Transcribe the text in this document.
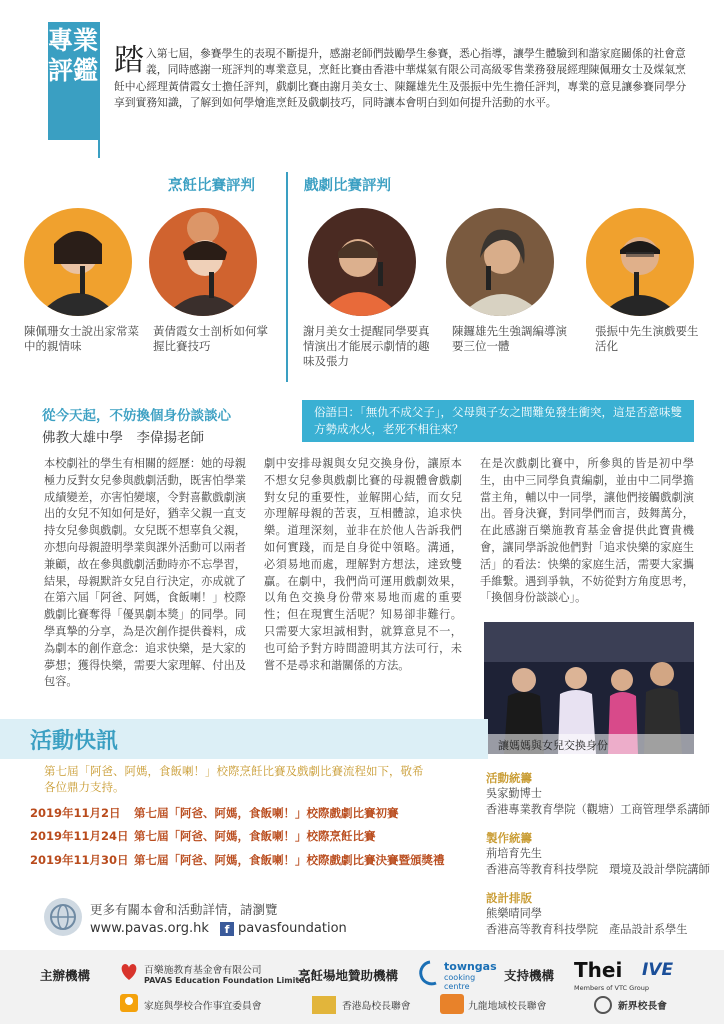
專業評鑑 踏入第七屆，參賽學生的表現不斷提升，感謝老師們鼓勵學生參賽，悉心指導，讓學生體驗到和諧家庭關係的社會意義，同時感謝一班評判的專業意見，烹飪比賽由香港中華煤氣有限公司高級零售業務發展經理陳佩珊女士及煤氣烹飪中心經理黃倩霞女士擔任評判，戲劇比賽由謝月美女士、陳鑼雄先生及張振中先生擔任評判，專業的意見讓參賽同學分享到實務知識，了解到如何學燴進烹飪及戲劇技巧，同時讓本會明白到如何提升活動的水平。
烹飪比賽評判	戲劇比賽評判
陳佩珊女士說出家常菜中的親情味
黃倩霞女士剖析如何掌握比賽技巧
謝月美女士提醒同學要真情演出才能展示劇情的趣味及張力
陳鑼雄先生強調編導演要三位一體
張振中先生演戲要生活化
從今天起，不妨換個身份談談心
佛教大雄中學　李偉揚老師
俗語曰：「無仇不成父子」，父母與子女之間難免發生衝突，這是否意味雙方勢成水火，老死不相往來？
本校劇社的學生有相關的經歷：她的母親極力反對女兒參與戲劇活動，既害怕學業成績變差，亦害怕變壞，令對喜歡戲劇演出的女兒不知如何是好，猶幸父親一直支持女兒參與戲劇。女兒既不想辜負父親，亦想向母親證明學業與課外活動可以兩者兼顧，故在參與戲劇活動時亦不忘學習，結果，母親默許女兒自行決定，亦成就了在第六屆「阿爸、阿媽，食飯喇！」校際戲劇比賽奪得「優異劇本獎」的同學。同學真摯的分享，為是次創作提供養料，成為劇本的創作意念：追求快樂，是大家的夢想；獲得快樂，需要大家理解、付出及包容。
劇中安排母親與女兒交換身份，讓原本不想女兒參與戲劇比賽的母親體會戲劇對女兒的重要性，並解開心結，而女兒亦理解母親的苦衷，互相體諒，追求快樂。道理深刻，並非在於他人告訴我們如何實踐，而是自身從中領略。溝通，必須易地而處，理解對方想法，達致雙贏。在劇中，我們尚可運用戲劇效果，以角色交換身份帶來易地而處的重要性；但在現實生活呢？知易卻非難行。只需要大家坦誠相對，就算意見不一，也可給予對方時間證明其方法可行，未嘗不是尋求和諧關係的方法。
在是次戲劇比賽中，所參與的皆是初中學生，由中三同學負責編劇，並由中二同學擔當主角，輔以中一同學，讓他們接觸戲劇演出。晉身決賽，對同學們而言，鼓舞萬分，在此感謝百樂施教育基金會提供此寶貴機會，讓同學訴說他們對「追求快樂的家庭生活」的看法：快樂的家庭生活，需要大家攜手維繫。遇到爭執，不妨從對方角度思考，「換個身份談談心」。
讓媽媽與女兒交換身份
活動快訊
第七屆「阿爸、阿媽，食飯喇！」校際烹飪比賽及戲劇比賽流程如下，敬希各位鼎力支持。
2019年11月2日 第七屆「阿爸、阿媽，食飯喇！」校際戲劇比賽初賽
2019年11月24日 第七屆「阿爸、阿媽，食飯喇！」校際烹飪比賽
2019年11月30日 第七屆「阿爸、阿媽，食飯喇！」校際戲劇比賽決賽暨頒獎禮
活動統籌
吳家勤博士
香港專業教育學院（觀塘）工商管理學系講師
製作統籌
荊培育先生
香港高等教育科技學院　環境及設計學院講師
設計排版
熊樂晴同學
香港高等教育科技學院　產品設計系學生
更多有關本會和活動詳情，請瀏覽
www.pavas.org.hk	f pavasfoundation
主辦機構	百樂施教育基金會有限公司
PAVAS Education Foundation Limited
家庭與學校合作事宜委員會
烹飪場地贊助機構
towngas
cooking centre
香港島校長聯會	九龍地域校長聯會
支持機構 Thei
Members of VTC Group
IVE
新界校長會
